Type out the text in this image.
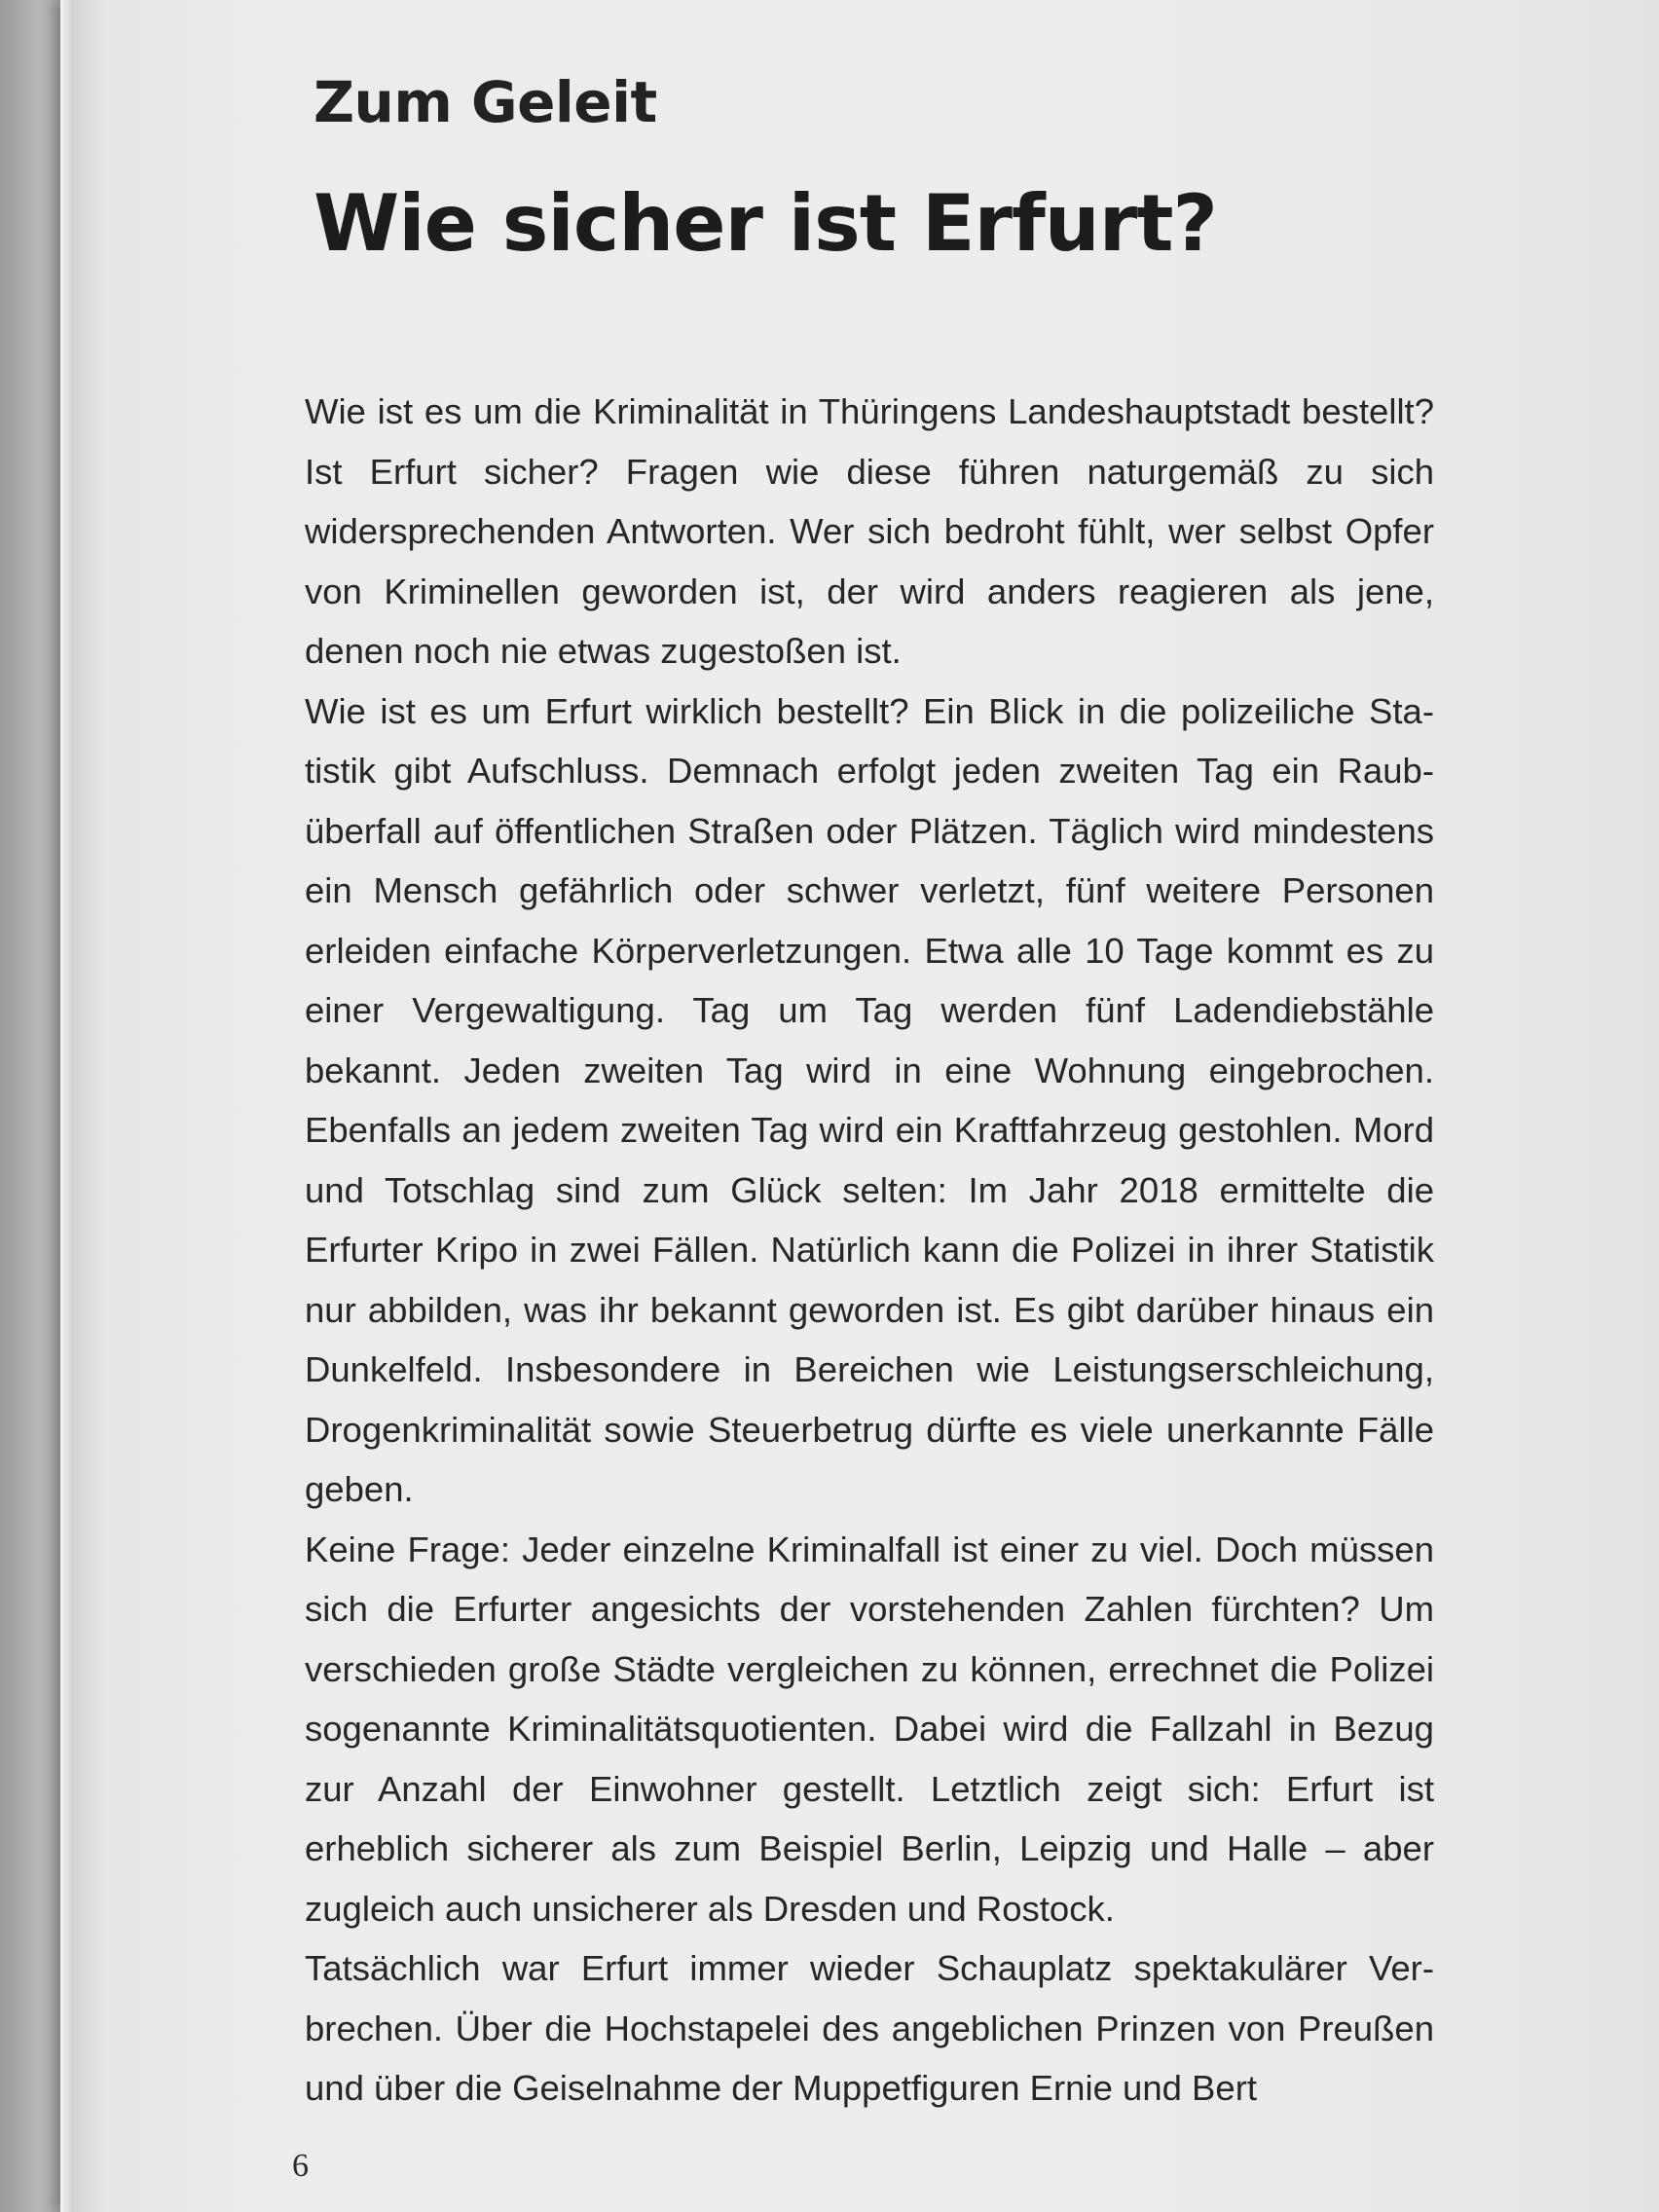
Zum Geleit
Wie sicher ist Erfurt?

Wie ist es um die Kriminalität in Thüringens Landeshauptstadt bestellt? Ist Erfurt sicher? Fragen wie diese führen naturgemäß zu sich widersprechenden Antworten. Wer sich bedroht fühlt, wer selbst Opfer von Kriminellen geworden ist, der wird anders reagieren als jene, denen noch nie etwas zugestoßen ist.

Wie ist es um Erfurt wirklich bestellt? Ein Blick in die polizeiliche Statistik gibt Aufschluss. Demnach erfolgt jeden zweiten Tag ein Raubüberfall auf öffentlichen Straßen oder Plätzen. Täglich wird mindestens ein Mensch gefährlich oder schwer verletzt, fünf weitere Personen erleiden einfache Körperverletzungen. Etwa alle 10 Tage kommt es zu einer Vergewaltigung. Tag um Tag werden fünf Ladendiebstähle bekannt. Jeden zweiten Tag wird in eine Wohnung eingebrochen. Ebenfalls an jedem zweiten Tag wird ein Kraftfahrzeug gestohlen. Mord und Totschlag sind zum Glück selten: Im Jahr 2018 ermittelte die Erfurter Kripo in zwei Fällen. Natürlich kann die Polizei in ihrer Statistik nur abbilden, was ihr bekannt geworden ist. Es gibt darüber hinaus ein Dunkelfeld. Insbesondere in Bereichen wie Leistungserschleichung, Drogenkriminalität sowie Steuerbetrug dürfte es viele unerkannte Fälle geben.

Keine Frage: Jeder einzelne Kriminalfall ist einer zu viel. Doch müssen sich die Erfurter angesichts der vorstehenden Zahlen fürchten? Um verschieden große Städte vergleichen zu können, errechnet die Polizei sogenannte Kriminalitätsquotienten. Dabei wird die Fallzahl in Bezug zur Anzahl der Einwohner gestellt. Letztlich zeigt sich: Erfurt ist erheblich sicherer als zum Beispiel Berlin, Leipzig und Halle – aber zugleich auch unsicherer als Dresden und Rostock.

Tatsächlich war Erfurt immer wieder Schauplatz spektakulärer Verbrechen. Über die Hochstapelei des angeblichen Prinzen von Preußen und über die Geiselnahme der Muppetfiguren Ernie und Bert

6
